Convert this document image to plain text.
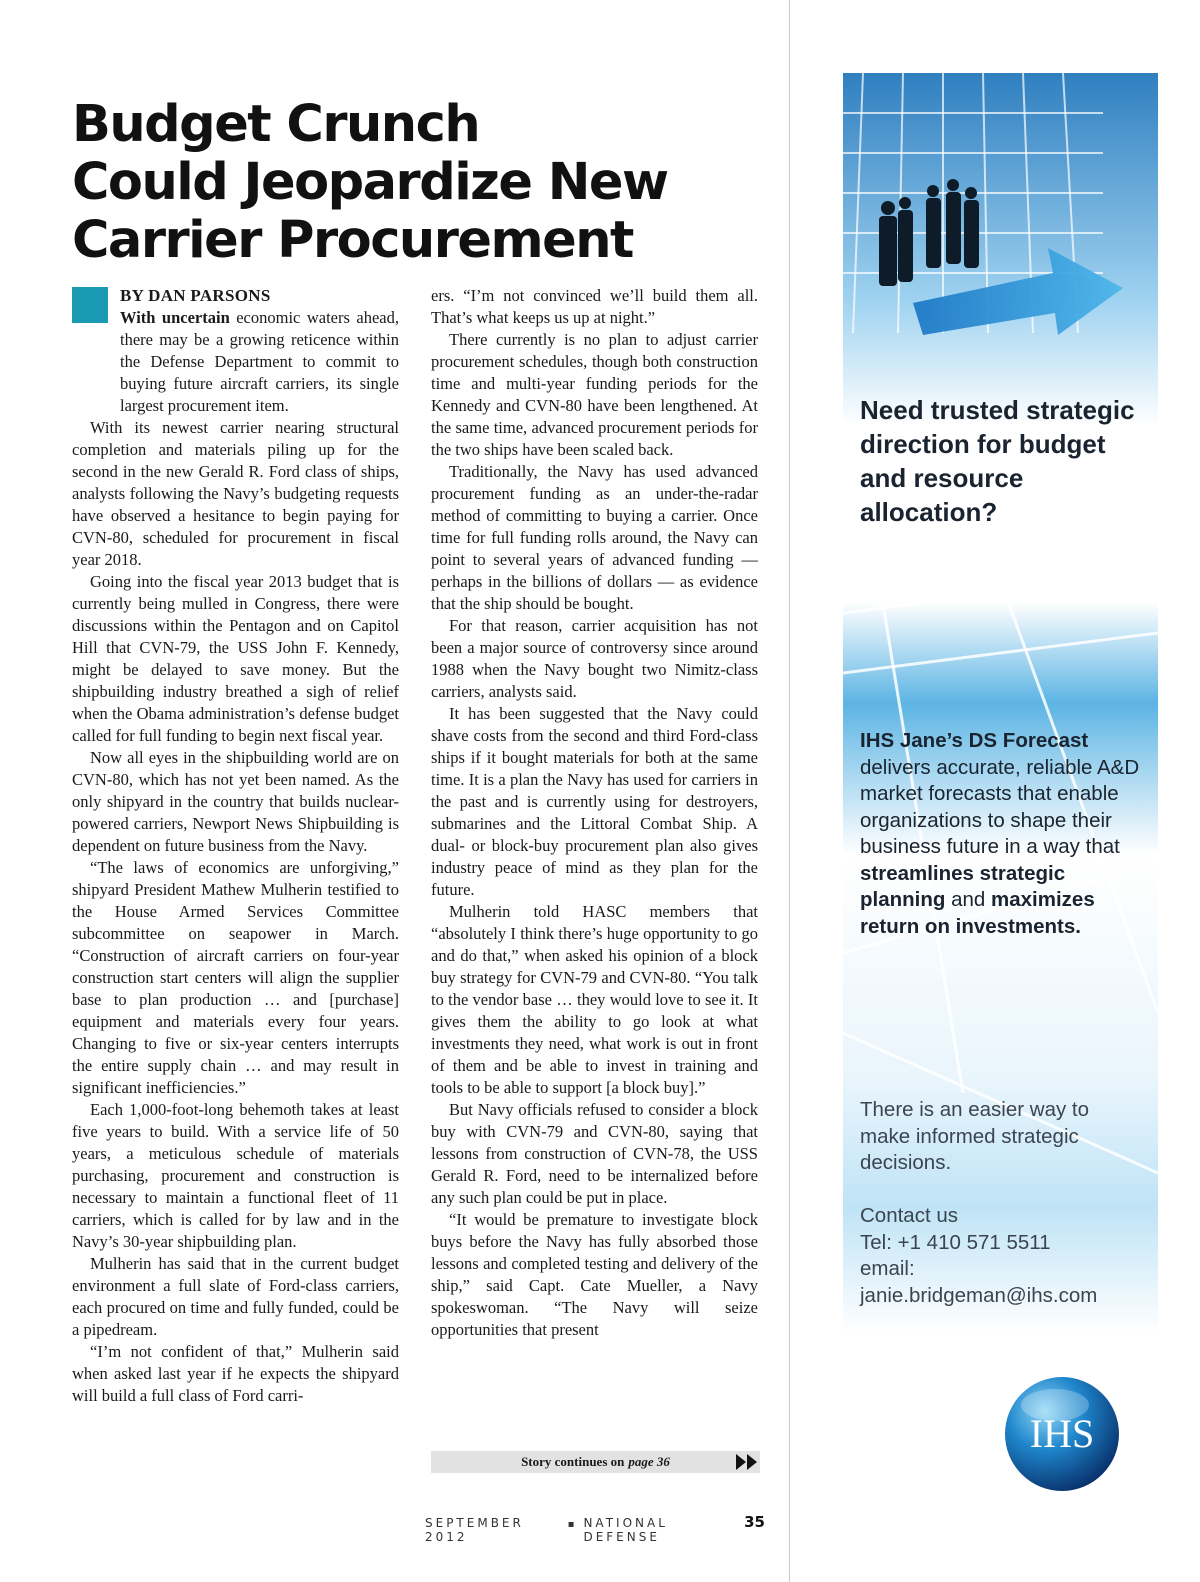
Budget Crunch
Could Jeopardize New
Carrier Procurement
BY DAN PARSONS

With uncertain economic waters ahead, there may be a growing reticence within the Defense Department to commit to buying future aircraft carriers, its single largest procurement item.

With its newest carrier nearing structural completion and materials piling up for the second in the new Gerald R. Ford class of ships, analysts following the Navy’s budgeting requests have observed a hesitance to begin paying for CVN-80, scheduled for procurement in fiscal year 2018.

Going into the fiscal year 2013 budget that is currently being mulled in Congress, there were discussions within the Pentagon and on Capitol Hill that CVN-79, the USS John F. Kennedy, might be delayed to save money. But the shipbuilding industry breathed a sigh of relief when the Obama administration’s defense budget called for full funding to begin next fiscal year.

Now all eyes in the shipbuilding world are on CVN-80, which has not yet been named. As the only shipyard in the country that builds nuclear-powered carriers, Newport News Shipbuilding is dependent on future business from the Navy.

“The laws of economics are unforgiving,” shipyard President Mathew Mulherin testified to the House Armed Services Committee subcommittee on seapower in March. “Construction of aircraft carriers on four-year construction start centers will align the supplier base to plan production … and [purchase] equipment and materials every four years. Changing to five or six-year centers interrupts the entire supply chain … and may result in significant inefficiencies.”

Each 1,000-foot-long behemoth takes at least five years to build. With a service life of 50 years, a meticulous schedule of materials purchasing, procurement and construction is necessary to maintain a functional fleet of 11 carriers, which is called for by law and in the Navy’s 30-year shipbuilding plan.

Mulherin has said that in the current budget environment a full slate of Ford-class carriers, each procured on time and fully funded, could be a pipedream.

“I’m not confident of that,” Mulherin said when asked last year if he expects the shipyard will build a full class of Ford carri-

ers. “I’m not convinced we’ll build them all. That’s what keeps us up at night.”

There currently is no plan to adjust carrier procurement schedules, though both construction time and multi-year funding periods for the Kennedy and CVN-80 have been lengthened. At the same time, advanced procurement periods for the two ships have been scaled back.

Traditionally, the Navy has used advanced procurement funding as an under-the-radar method of committing to buying a carrier. Once time for full funding rolls around, the Navy can point to several years of advanced funding — perhaps in the billions of dollars — as evidence that the ship should be bought.

For that reason, carrier acquisition has not been a major source of controversy since around 1988 when the Navy bought two Nimitz-class carriers, analysts said.

It has been suggested that the Navy could shave costs from the second and third Ford-class ships if it bought materials for both at the same time. It is a plan the Navy has used for carriers in the past and is currently using for destroyers, submarines and the Littoral Combat Ship. A dual- or block-buy procurement plan also gives industry peace of mind as they plan for the future.

Mulherin told HASC members that “absolutely I think there’s huge opportunity to go and do that,” when asked his opinion of a block buy strategy for CVN-79 and CVN-80. “You talk to the vendor base … they would love to see it. It gives them the ability to go look at what investments they need, what work is out in front of them and be able to invest in training and tools to be able to support [a block buy].”

But Navy officials refused to consider a block buy with CVN-79 and CVN-80, saying that lessons from construction of CVN-78, the USS Gerald R. Ford, need to be internalized before any such plan could be put in place.

“It would be premature to investigate block buys before the Navy has fully absorbed those lessons and completed testing and delivery of the ship,” said Capt. Cate Mueller, a Navy spokeswoman. “The Navy will seize opportunities that present

Story continues on page 36
SEPTEMBER 2012
▪ NATIONAL DEFENSE
35
Need trusted strategic direction for budget and resource allocation?
IHS Jane’s DS Forecast delivers accurate, reliable A&D market forecasts that enable organizations to shape their business future in a way that streamlines strategic planning and maximizes return on investments.
There is an easier way to make informed strategic decisions.
Contact us
Tel: +1 410 571 5511
email:
janie.bridgeman@ihs.com
IHS
